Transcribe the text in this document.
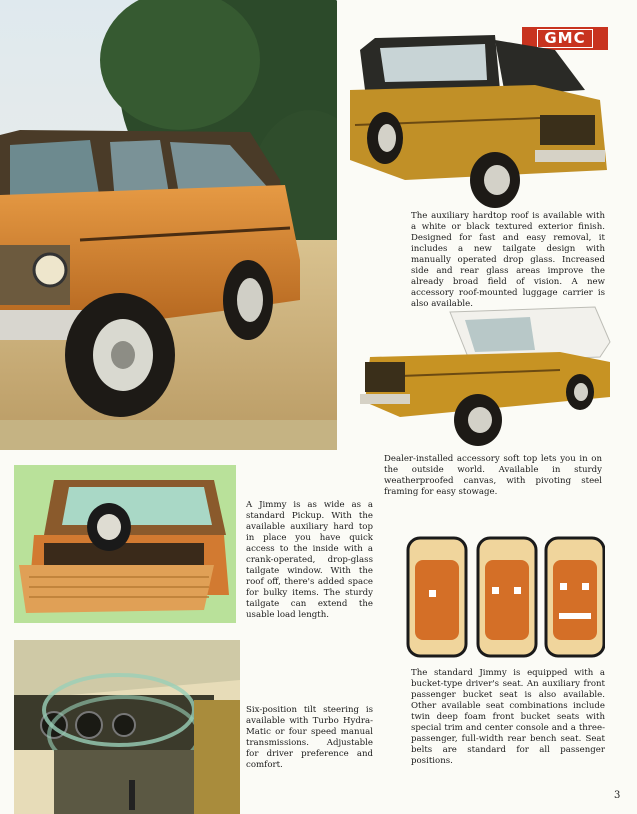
GMC

The auxiliary hardtop roof is available with a white or black textured exterior finish. Designed for fast and easy removal, it includes a new tailgate design with manually operated drop glass. Increased side and rear glass areas improve the already broad field of vision. A new accessory roof-mounted luggage carrier is also available.

Dealer-installed accessory soft top lets you in on the outside world. Available in sturdy weatherproofed canvas, with pivoting steel framing for easy stowage.

A Jimmy is as wide as a standard Pickup. With the available auxiliary hard top in place you have quick access to the inside with a crank-operated, drop-glass tailgate window. With the roof off, there's added space for bulky items. The sturdy tailgate can extend the usable load length.

The standard Jimmy is equipped with a bucket-type driver's seat. An auxiliary front passenger bucket seat is also available. Other available seat combinations include twin deep foam front bucket seats with special trim and center console and a three-passenger, full-width rear bench seat. Seat belts are standard for all passenger positions.

Six-position tilt steering is available with Turbo Hydra-Matic or four speed manual transmissions. Adjustable for driver preference and comfort.

3
